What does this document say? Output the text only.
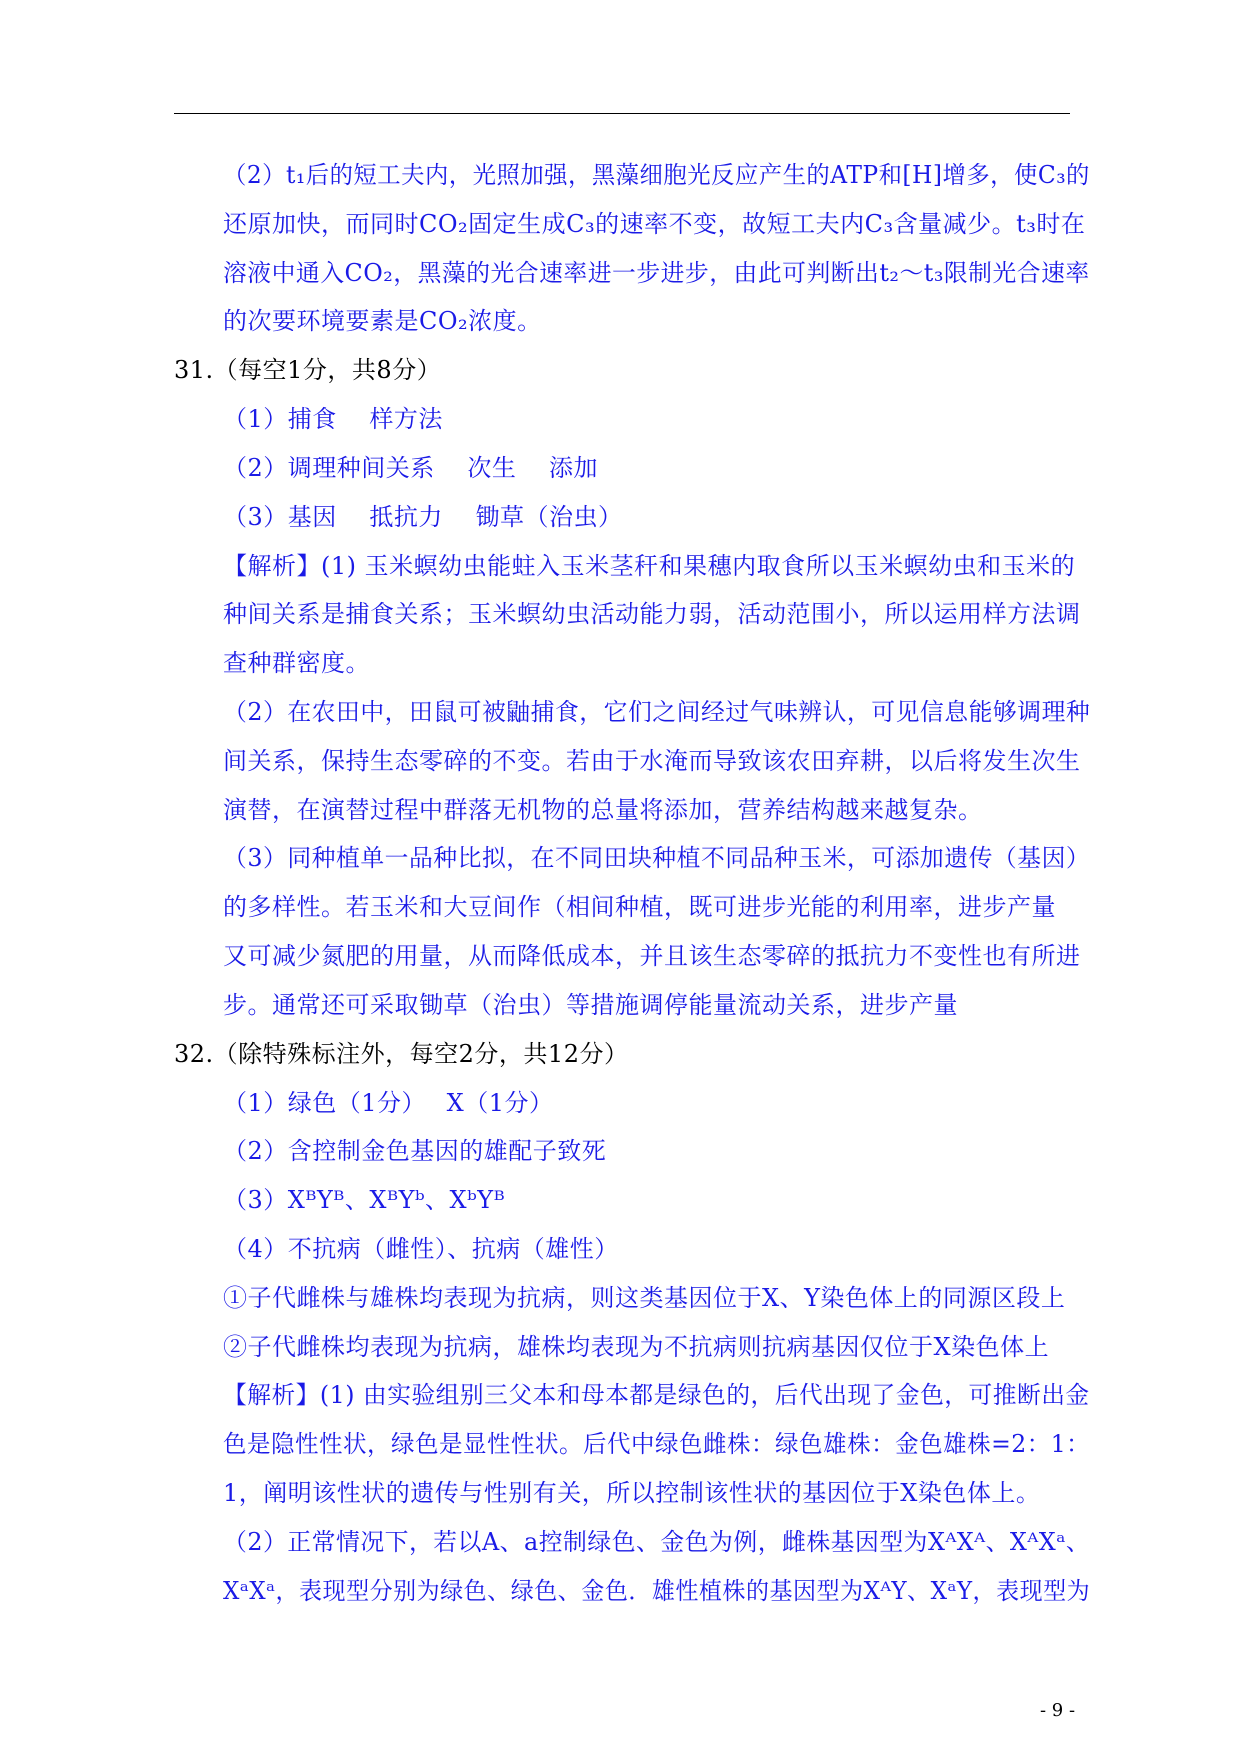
（2）t₁后的短工夫内，光照加强，黑藻细胞光反应产生的ATP和[H]增多，使C₃的
还原加快，而同时CO₂固定生成C₃的速率不变，故短工夫内C₃含量减少。t₃时在
溶液中通入CO₂，黑藻的光合速率进一步进步，由此可判断出t₂～t₃限制光合速率
的次要环境要素是CO₂浓度。
31.（每空1分，共8分）
（1）捕食　 样方法
（2）调理种间关系　 次生　 添加
（3）基因　 抵抗力　 锄草（治虫）
【解析】(1) 玉米螟幼虫能蛀入玉米茎秆和果穗内取食所以玉米螟幼虫和玉米的
种间关系是捕食关系；玉米螟幼虫活动能力弱，活动范围小，所以运用样方法调
查种群密度。
（2）在农田中，田鼠可被鼬捕食，它们之间经过气味辨认，可见信息能够调理种
间关系，保持生态零碎的不变。若由于水淹而导致该农田弃耕，以后将发生次生
演替，在演替过程中群落无机物的总量将添加，营养结构越来越复杂。
（3）同种植单一品种比拟，在不同田块种植不同品种玉米，可添加遗传（基因）
的多样性。若玉米和大豆间作（相间种植，既可进步光能的利用率，进步产量
又可减少氮肥的用量，从而降低成本，并且该生态零碎的抵抗力不变性也有所进
步。通常还可采取锄草（治虫）等措施调停能量流动关系，进步产量
32.（除特殊标注外，每空2分，共12分）
（1）绿色（1分）　 X（1分）
（2）含控制金色基因的雄配子致死
（3）XᴮYᴮ、XᴮYᵇ、XᵇYᴮ
（4）不抗病（雌性）、抗病（雄性）
①子代雌株与雄株均表现为抗病，则这类基因位于X、Y染色体上的同源区段上
②子代雌株均表现为抗病，雄株均表现为不抗病则抗病基因仅位于X染色体上
【解析】(1) 由实验组别三父本和母本都是绿色的，后代出现了金色，可推断出金
色是隐性性状，绿色是显性性状。后代中绿色雌株：绿色雄株：金色雄株=2：1：
1，阐明该性状的遗传与性别有关，所以控制该性状的基因位于X染色体上。
（2）正常情况下，若以A、a控制绿色、金色为例，雌株基因型为XᴬXᴬ、XᴬXᵃ、
XᵃXᵃ，表现型分别为绿色、绿色、金色．雄性植株的基因型为XᴬY、XᵃY，表现型为
- 9 -
